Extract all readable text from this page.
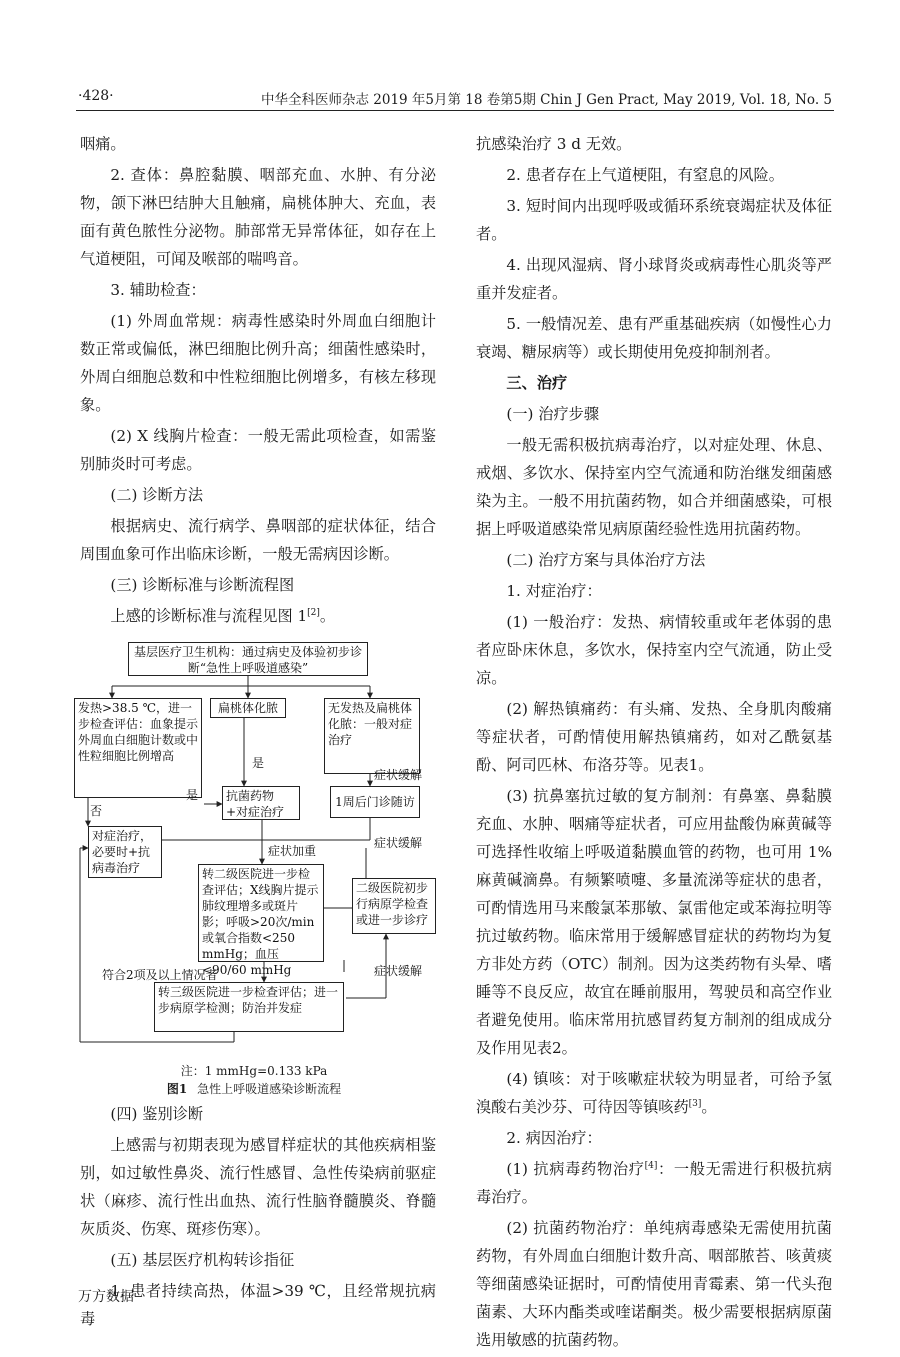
·428·	中华全科医师杂志 2019 年5月第 18 卷第5期 Chin J Gen Pract, May 2019, Vol. 18, No. 5

咽痛。

2. 查体：鼻腔黏膜、咽部充血、水肿、有分泌物，颌下淋巴结肿大且触痛，扁桃体肿大、充血，表面有黄色脓性分泌物。肺部常无异常体征，如存在上气道梗阻，可闻及喉部的喘鸣音。

3. 辅助检查：

(1) 外周血常规：病毒性感染时外周血白细胞计数正常或偏低，淋巴细胞比例升高；细菌性感染时，外周白细胞总数和中性粒细胞比例增多，有核左移现象。

(2) X 线胸片检查：一般无需此项检查，如需鉴别肺炎时可考虑。

(二) 诊断方法

根据病史、流行病学、鼻咽部的症状体征，结合周围血象可作出临床诊断，一般无需病因诊断。

(三) 诊断标准与诊断流程图

上感的诊断标准与流程见图 1[2]。

基层医疗卫生机构：通过病史及体验初步诊断“急性上呼吸道感染”
发热>38.5 ℃，进一步检查评估：血象提示外周血白细胞计数或中性粒细胞比例增高
扁桃体化脓	无发热及扁桃体化脓：一般对症治疗
抗菌药物+对症治疗
1周后门诊随访
对症治疗，必要时+抗病毒治疗	转二级医院进一步检查评估；X线胸片提示肺纹理增多或斑片影；呼吸>20次/min或氧合指数<250 mmHg；血压<90/60 mmHg
二级医院初步行病原学检查或进一步诊疗
转三级医院进一步检查评估；进一步病原学检测；防治并发症
是
是
否
症状缓解
症状缓解
症状加重
症状缓解
符合2项及以上情况者
注：1 mmHg=0.133 kPa
图1 急性上呼吸道感染诊断流程

(四) 鉴别诊断

上感需与初期表现为感冒样症状的其他疾病相鉴别，如过敏性鼻炎、流行性感冒、急性传染病前驱症状（麻疹、流行性出血热、流行性脑脊髓膜炎、脊髓灰质炎、伤寒、斑疹伤寒）。

(五) 基层医疗机构转诊指征

1. 患者持续高热，体温>39 ℃，且经常规抗病毒

抗感染治疗 3 d 无效。

2. 患者存在上气道梗阻，有窒息的风险。

3. 短时间内出现呼吸或循环系统衰竭症状及体征者。

4. 出现风湿病、肾小球肾炎或病毒性心肌炎等严重并发症者。

5. 一般情况差、患有严重基础疾病（如慢性心力衰竭、糖尿病等）或长期使用免疫抑制剂者。

三、治疗

(一) 治疗步骤

一般无需积极抗病毒治疗，以对症处理、休息、戒烟、多饮水、保持室内空气流通和防治继发细菌感染为主。一般不用抗菌药物，如合并细菌感染，可根据上呼吸道感染常见病原菌经验性选用抗菌药物。

(二) 治疗方案与具体治疗方法

1. 对症治疗：

(1) 一般治疗：发热、病情较重或年老体弱的患者应卧床休息，多饮水，保持室内空气流通，防止受凉。

(2) 解热镇痛药：有头痛、发热、全身肌肉酸痛等症状者，可酌情使用解热镇痛药，如对乙酰氨基酚、阿司匹林、布洛芬等。见表1。

(3) 抗鼻塞抗过敏的复方制剂：有鼻塞、鼻黏膜充血、水肿、咽痛等症状者，可应用盐酸伪麻黄碱等可选择性收缩上呼吸道黏膜血管的药物，也可用 1% 麻黄碱滴鼻。有频繁喷嚏、多量流涕等症状的患者，可酌情选用马来酸氯苯那敏、氯雷他定或苯海拉明等抗过敏药物。临床常用于缓解感冒症状的药物均为复方非处方药（OTC）制剂。因为这类药物有头晕、嗜睡等不良反应，故宜在睡前服用，驾驶员和高空作业者避免使用。临床常用抗感冒药复方制剂的组成成分及作用见表2。

(4) 镇咳：对于咳嗽症状较为明显者，可给予氢溴酸右美沙芬、可待因等镇咳药[3]。

2. 病因治疗：

(1) 抗病毒药物治疗[4]：一般无需进行积极抗病毒治疗。

(2) 抗菌药物治疗：单纯病毒感染无需使用抗菌药物，有外周血白细胞计数升高、咽部脓苔、咳黄痰等细菌感染证据时，可酌情使用青霉素、第一代头孢菌素、大环内酯类或喹诺酮类。极少需要根据病原菌选用敏感的抗菌药物。

万方数据
